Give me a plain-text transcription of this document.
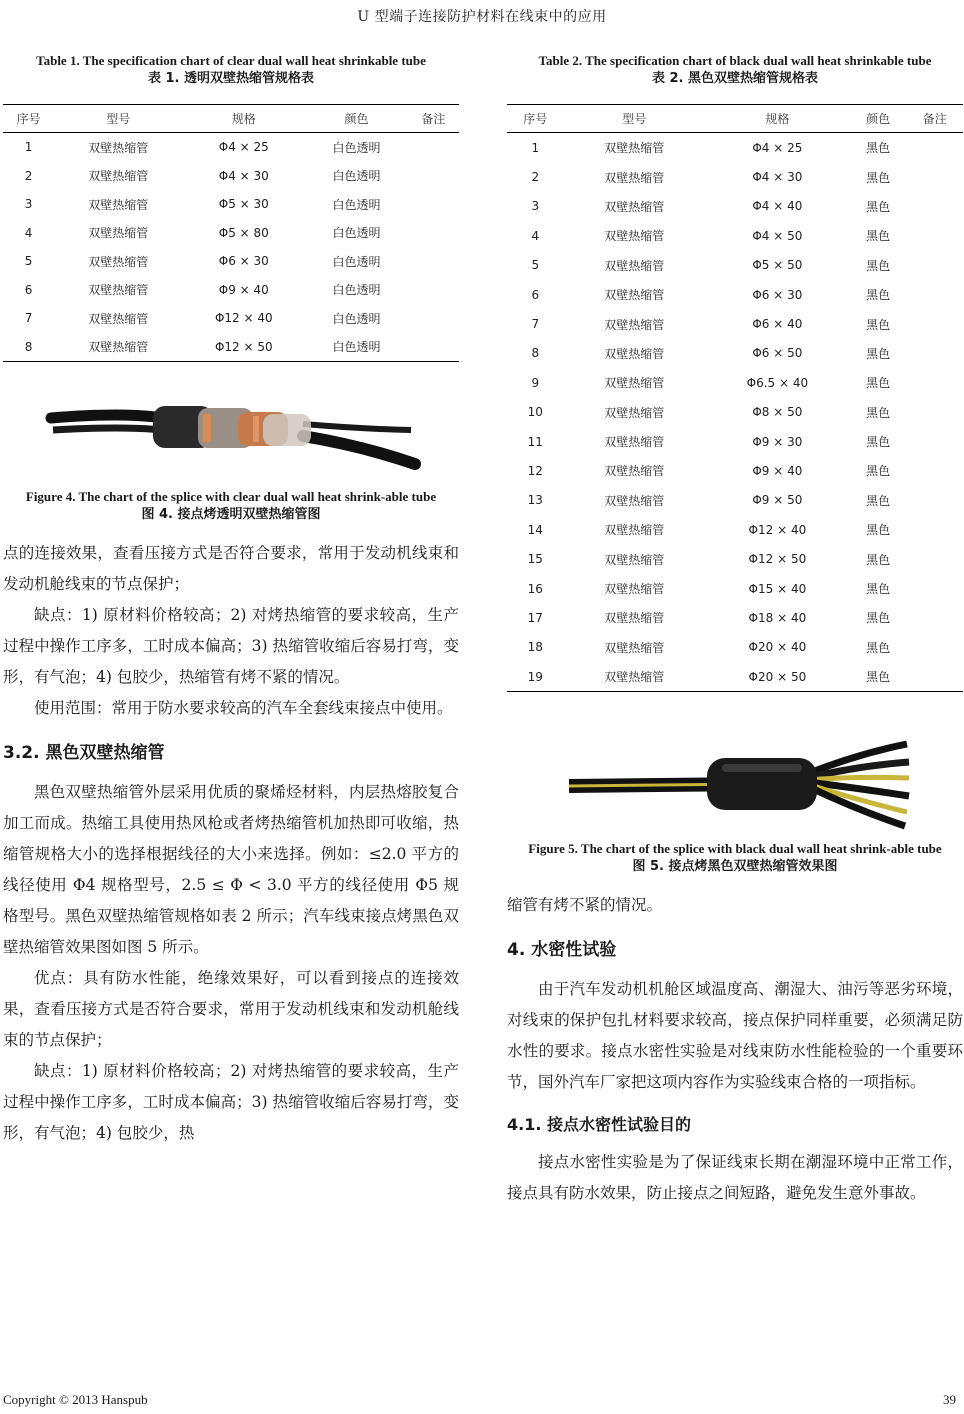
U 型端子连接防护材料在线束中的应用
Table 1. The specification chart of clear dual wall heat shrinkable tube
表 1. 透明双壁热缩管规格表
序号	型号	规格	颜色	备注
1	双壁热缩管	Φ4 × 25	白色透明	
2	双壁热缩管	Φ4 × 30	白色透明	
3	双壁热缩管	Φ5 × 30	白色透明	
4	双壁热缩管	Φ5 × 80	白色透明	
5	双壁热缩管	Φ6 × 30	白色透明	
6	双壁热缩管	Φ9 × 40	白色透明	
7	双壁热缩管	Φ12 × 40	白色透明	
8	双壁热缩管	Φ12 × 50	白色透明	
Figure 4. The chart of the splice with clear dual wall heat shrink-able tube
图 4. 接点烤透明双壁热缩管图

点的连接效果，查看压接方式是否符合要求，常用于发动机线束和发动机舱线束的节点保护；

缺点：1) 原材料价格较高；2) 对烤热缩管的要求较高，生产过程中操作工序多，工时成本偏高；3) 热缩管收缩后容易打弯，变形，有气泡；4) 包胶少，热缩管有烤不紧的情况。

使用范围：常用于防水要求较高的汽车全套线束接点中使用。

3.2. 黑色双壁热缩管

黑色双壁热缩管外层采用优质的聚烯烃材料，内层热熔胶复合加工而成。热缩工具使用热风枪或者烤热缩管机加热即可收缩，热缩管规格大小的选择根据线径的大小来选择。例如：≤2.0 平方的线径使用 Φ4 规格型号，2.5 ≤ Φ < 3.0 平方的线径使用 Φ5 规格型号。黑色双壁热缩管规格如表 2 所示；汽车线束接点烤黑色双壁热缩管效果图如图 5 所示。

优点：具有防水性能，绝缘效果好，可以看到接点的连接效果，查看压接方式是否符合要求，常用于发动机线束和发动机舱线束的节点保护；

缺点：1) 原材料价格较高；2) 对烤热缩管的要求较高，生产过程中操作工序多，工时成本偏高；3) 热缩管收缩后容易打弯，变形，有气泡；4) 包胶少，热

Table 2. The specification chart of black dual wall heat shrinkable tube
表 2. 黑色双壁热缩管规格表
序号	型号	规格	颜色	备注
1	双壁热缩管	Φ4 × 25	黑色	
2	双壁热缩管	Φ4 × 30	黑色	
3	双壁热缩管	Φ4 × 40	黑色	
4	双壁热缩管	Φ4 × 50	黑色	
5	双壁热缩管	Φ5 × 50	黑色	
6	双壁热缩管	Φ6 × 30	黑色	
7	双壁热缩管	Φ6 × 40	黑色	
8	双壁热缩管	Φ6 × 50	黑色	
9	双壁热缩管	Φ6.5 × 40	黑色	
10	双壁热缩管	Φ8 × 50	黑色	
11	双壁热缩管	Φ9 × 30	黑色	
12	双壁热缩管	Φ9 × 40	黑色	
13	双壁热缩管	Φ9 × 50	黑色	
14	双壁热缩管	Φ12 × 40	黑色	
15	双壁热缩管	Φ12 × 50	黑色	
16	双壁热缩管	Φ15 × 40	黑色	
17	双壁热缩管	Φ18 × 40	黑色	
18	双壁热缩管	Φ20 × 40	黑色	
19	双壁热缩管	Φ20 × 50	黑色	
Figure 5. The chart of the splice with black dual wall heat shrink-able tube
图 5. 接点烤黑色双壁热缩管效果图

缩管有烤不紧的情况。

4. 水密性试验

由于汽车发动机机舱区域温度高、潮湿大、油污等恶劣环境，对线束的保护包扎材料要求较高，接点保护同样重要，必须满足防水性的要求。接点水密性实验是对线束防水性能检验的一个重要环节，国外汽车厂家把这项内容作为实验线束合格的一项指标。

4.1. 接点水密性试验目的

接点水密性实验是为了保证线束长期在潮湿环境中正常工作，接点具有防水效果，防止接点之间短路，避免发生意外事故。

Copyright © 2013 Hanspub	39
